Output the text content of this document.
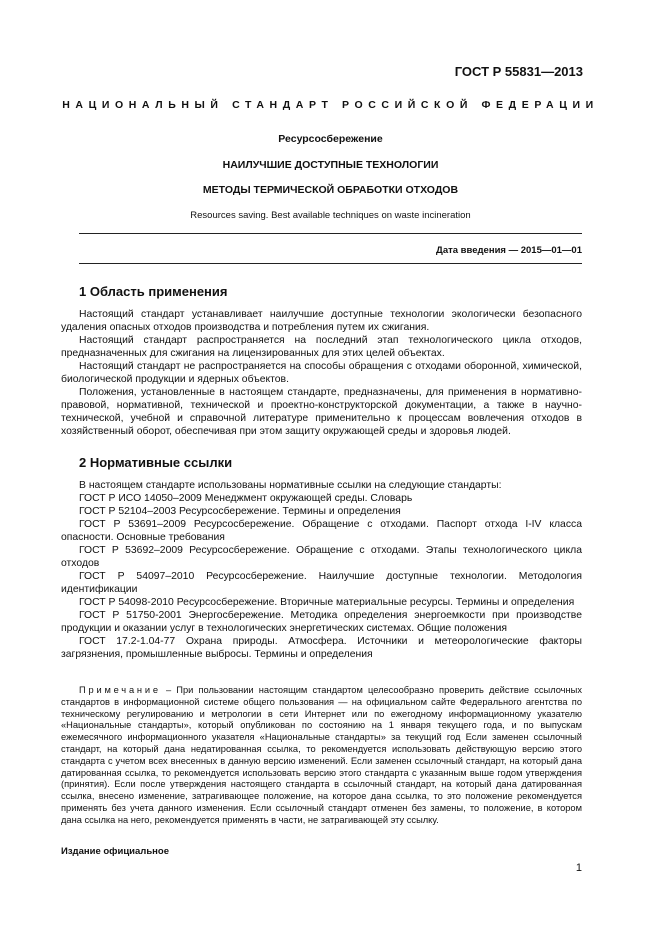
ГОСТ Р 55831—2013
НАЦИОНАЛЬНЫЙ СТАНДАРТ РОССИЙСКОЙ ФЕДЕРАЦИИ
Ресурсосбережение
НАИЛУЧШИЕ ДОСТУПНЫЕ ТЕХНОЛОГИИ
МЕТОДЫ ТЕРМИЧЕСКОЙ ОБРАБОТКИ ОТХОДОВ
Resources saving. Best available techniques on waste incineration
Дата введения — 2015—01—01
1 Область применения
Настоящий стандарт устанавливает наилучшие доступные технологии экологически безопасного удаления опасных отходов производства и потребления путем их сжигания.
Настоящий стандарт распространяется на последний этап технологического цикла отходов, предназначенных для сжигания на лицензированных для этих целей объектах.
Настоящий стандарт не распространяется на способы обращения с отходами оборонной, химической, биологической продукции и ядерных объектов.
Положения, установленные в настоящем стандарте, предназначены, для применения в нормативно-правовой, нормативной, технической и проектно-конструкторской документации, а также в научно-технической, учебной и справочной литературе применительно к процессам вовлечения отходов в хозяйственный оборот, обеспечивая при этом защиту окружающей среды и здоровья людей.
2 Нормативные ссылки

В настоящем стандарте использованы нормативные ссылки на следующие стандарты:

ГОСТ Р ИСО 14050–2009 Менеджмент окружающей среды. Словарь

ГОСТ Р 52104–2003 Ресурсосбережение. Термины и определения

ГОСТ Р 53691–2009 Ресурсосбережение. Обращение с отходами. Паспорт отхода I-IV класса опасности. Основные требования

ГОСТ Р 53692–2009 Ресурсосбережение. Обращение с отходами. Этапы технологического цикла отходов

ГОСТ Р 54097–2010 Ресурсосбережение. Наилучшие доступные технологии. Методология идентификации

ГОСТ Р 54098-2010 Ресурсосбережение. Вторичные материальные ресурсы. Термины и определения

ГОСТ Р 51750-2001 Энергосбережение. Методика определения энергоемкости при производстве продукции и оказании услуг в технологических энергетических системах. Общие положения

ГОСТ 17.2-1.04-77 Охрана природы. Атмосфера. Источники и метеорологические факторы загрязнения, промышленные выбросы. Термины и определения

Примечание – При пользовании настоящим стандартом целесообразно проверить действие ссылочных стандартов в информационной системе общего пользования — на официальном сайте Федерального агентства по техническому регулированию и метрологии в сети Интернет или по ежегодному информационному указателю «Национальные стандарты», который опубликован по состоянию на 1 января текущего года, и по выпускам ежемесячного информационного указателя «Национальные стандарты» за текущий год Если заменен ссылочный стандарт, на который дана недатированная ссылка, то рекомендуется использовать действующую версию этого стандарта с учетом всех внесенных в данную версию изменений. Если заменен ссылочный стандарт, на который дана датированная ссылка, то рекомендуется использовать версию этого стандарта с указанным выше годом утверждения (принятия). Если после утверждения настоящего стандарта в ссылочный стандарт, на который дана датированная ссылка, внесено изменение, затрагивающее положение, на которое дана ссылка, то это положение рекомендуется применять без учета данного изменения. Если ссылочный стандарт отменен без замены, то положение, в котором дана ссылка на него, рекомендуется применять в части, не затрагивающей эту ссылку.
Издание официальное
1
